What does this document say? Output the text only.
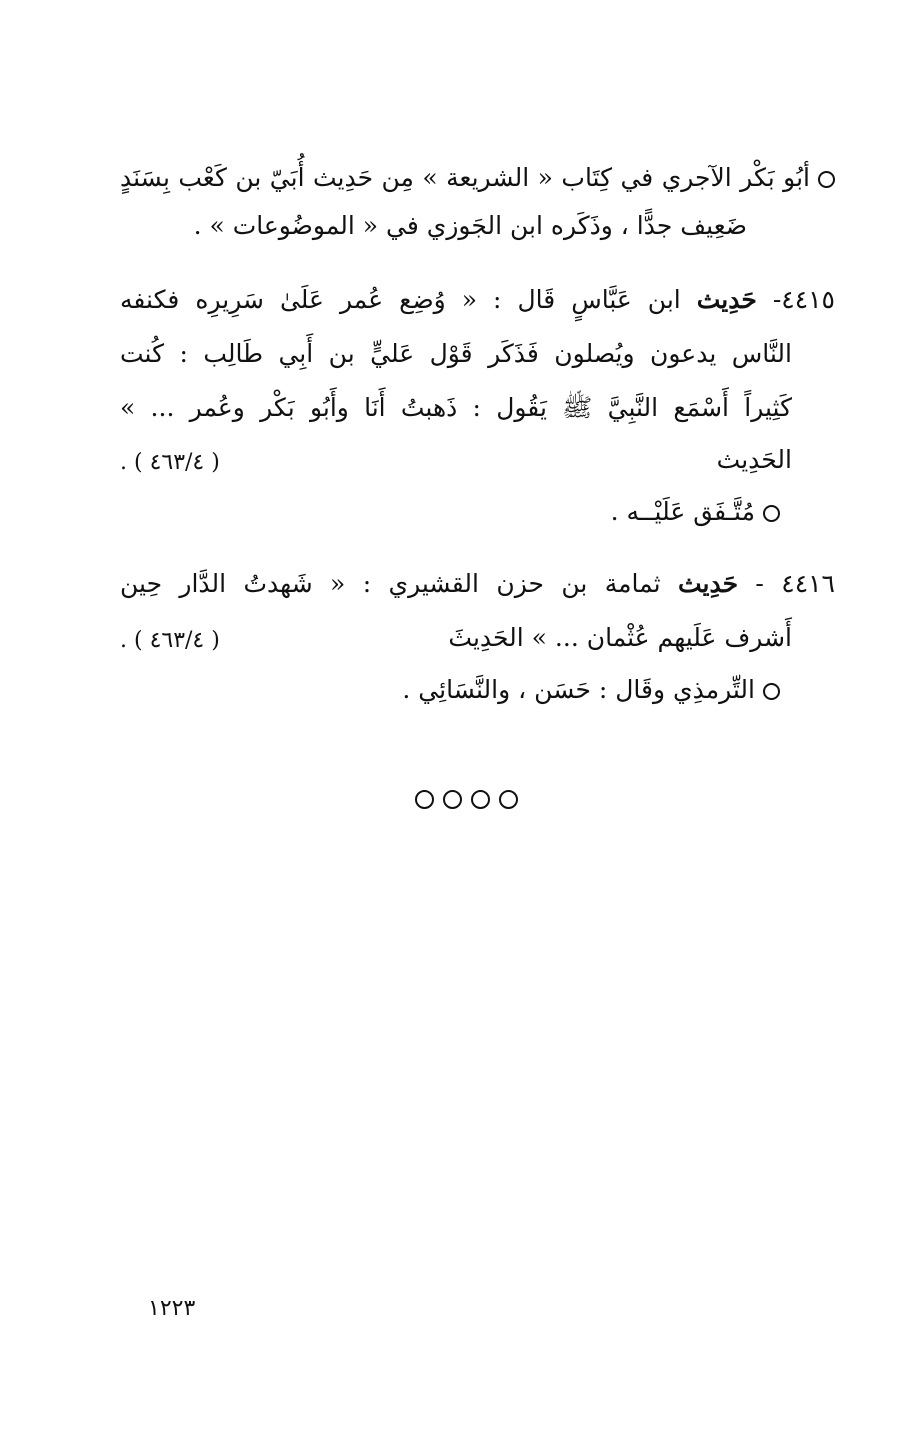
أبُو بَكْر الآجري في كِتَاب « الشريعة » مِن حَدِيث أُبَيّ بن كَعْب بِسَنَدٍ
ضَعِيف جدًّا ، وذَكَره ابن الجَوزي في « الموضُوعات » .
٤٤١٥- حَدِيث ابن عَبَّاسٍ قَال : « وُضِع عُمر عَلَىٰ سَرِيرِه فكنفه
النَّاس يدعون ويُصلون فَذَكَر قَوْل عَليٍّ بن أَبِي طَالِب : كُنت
كَثِيراً أَسْمَع النَّبِيَّ ﷺ يَقُول : ذَهبتُ أَنَا وأَبُو بَكْر وعُمر ... »
الحَدِيث
( ٤٦٣/٤ ) .
مُتَّـفَق عَلَيْــه .
٤٤١٦ - حَدِيث ثمامة بن حزن القشيري : « شَهدتُ الدَّار حِين
أَشرف عَلَيهم عُثْمان ... » الحَدِيثَ
( ٤٦٣/٤ ) .
التِّرمذِي وقَال : حَسَن ، والنَّسَائِي .
١٢٢٣
